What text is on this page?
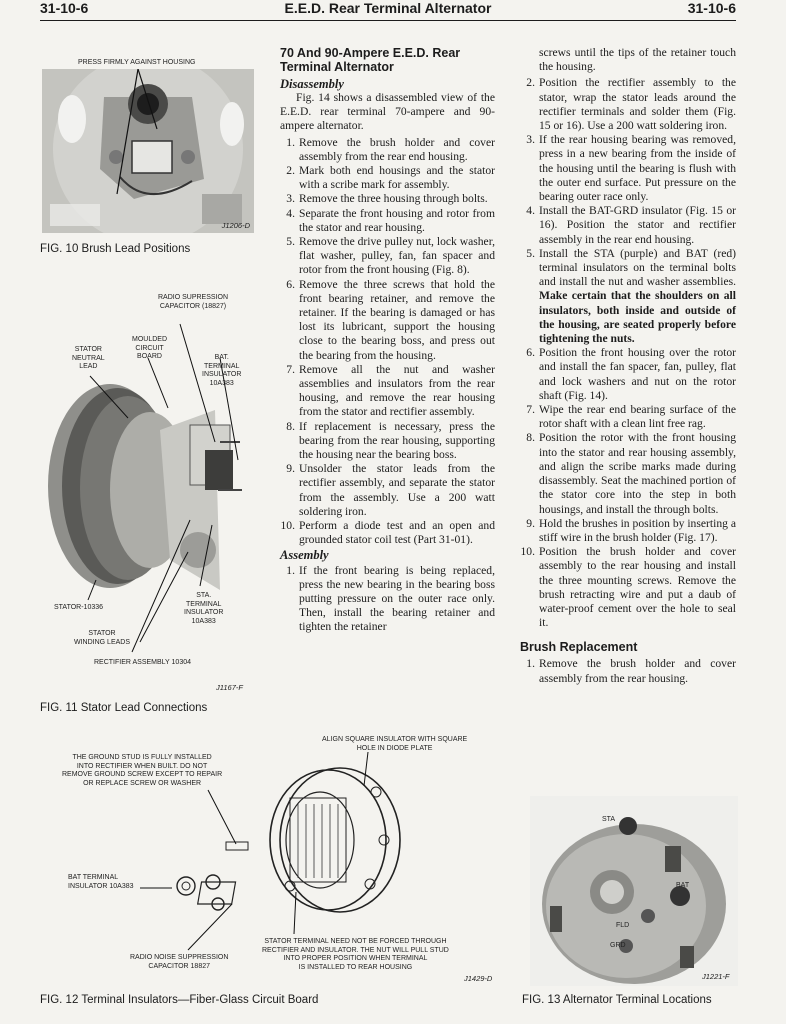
31-10-6	E.E.D. Rear Terminal Alternator	31-10-6
PRESS FIRMLY AGAINST HOUSING
J1206-D
FIG. 10 Brush Lead Positions
RADIO SUPRESSION
CAPACITOR (18827)
STATOR
NEUTRAL
LEAD
MOULDED
CIRCUIT
BOARD	BAT.
TERMINAL
INSULATOR
10A383
STA.
TERMINAL
INSULATOR
10A383
STATOR-10336
STATOR
WINDING LEADS
RECTIFIER ASSEMBLY 10304
J1167-F
FIG. 11 Stator Lead Connections
ALIGN SQUARE INSULATOR WITH SQUARE
HOLE IN DIODE PLATE
THE GROUND STUD IS FULLY INSTALLED
INTO RECTIFIER WHEN BUILT. DO NOT
REMOVE GROUND SCREW EXCEPT TO REPAIR
OR REPLACE SCREW OR WASHER
BAT TERMINAL
INSULATOR 10A383
STATOR TERMINAL NEED NOT BE FORCED THROUGH
RECTIFIER AND INSULATOR. THE NUT WILL PULL STUD
INTO PROPER POSITION WHEN TERMINAL
IS INSTALLED TO REAR HOUSING
RADIO NOISE SUPPRESSION
CAPACITOR 18827
J1429-D
FIG. 12 Terminal Insulators—Fiber-Glass Circuit Board
STA
BAT
FLD
GRD
J1221-F
FIG. 13 Alternator Terminal Locations
70 And 90-Ampere E.E.D. Rear Terminal Alternator
Disassembly

Fig. 14 shows a disassembled view of the E.E.D. rear terminal 70-ampere and 90-ampere alternator.

1. Remove the brush holder and cover assembly from the rear end housing.
2. Mark both end housings and the stator with a scribe mark for assembly.
3. Remove the three housing through bolts.
4. Separate the front housing and rotor from the stator and rear housing.
5. Remove the drive pulley nut, lock washer, flat washer, pulley, fan, fan spacer and rotor from the front housing (Fig. 8).
6. Remove the three screws that hold the front bearing retainer, and remove the retainer. If the bearing is damaged or has lost its lubricant, support the housing close to the bearing boss, and press out the bearing from the housing.
7. Remove all the nut and washer assemblies and insulators from the rear housing, and remove the rear housing from the stator and rectifier assembly.
8. If replacement is necessary, press the bearing from the rear housing, supporting the housing near the bearing boss.
9. Unsolder the stator leads from the rectifier assembly, and separate the stator from the assembly. Use a 200 watt soldering iron.
10. Perform a diode test and an open and grounded stator coil test (Part 31-01).
Assembly
1. If the front bearing is being replaced, press the new bearing in the bearing boss putting pressure on the outer race only. Then, install the bearing retainer and tighten the retainer

screws until the tips of the retainer touch the housing.

2. Position the rectifier assembly to the stator, wrap the stator leads around the rectifier terminals and solder them (Fig. 15 or 16). Use a 200 watt soldering iron.
3. If the rear housing bearing was removed, press in a new bearing from the inside of the housing until the bearing is flush with the outer end surface. Put pressure on the bearing outer race only.
4. Install the BAT-GRD insulator (Fig. 15 or 16). Position the stator and rectifier assembly in the rear end housing.
5. Install the STA (purple) and BAT (red) terminal insulators on the terminal bolts and install the nut and washer assemblies. Make certain that the shoulders on all insulators, both inside and outside of the housing, are seated properly before tightening the nuts.
6. Position the front housing over the rotor and install the fan spacer, fan, pulley, flat and lock washers and nut on the rotor shaft (Fig. 14).
7. Wipe the rear end bearing surface of the rotor shaft with a clean lint free rag.
8. Position the rotor with the front housing into the stator and rear housing assembly, and align the scribe marks made during disassembly. Seat the machined portion of the stator core into the step in both housings, and install the through bolts.
9. Hold the brushes in position by inserting a stiff wire in the brush holder (Fig. 17).
10. Position the brush holder and cover assembly to the rear housing and install the three mounting screws. Remove the brush retracting wire and put a daub of water-proof cement over the hole to seal it.
Brush Replacement
1. Remove the brush holder and cover assembly from the rear housing.
